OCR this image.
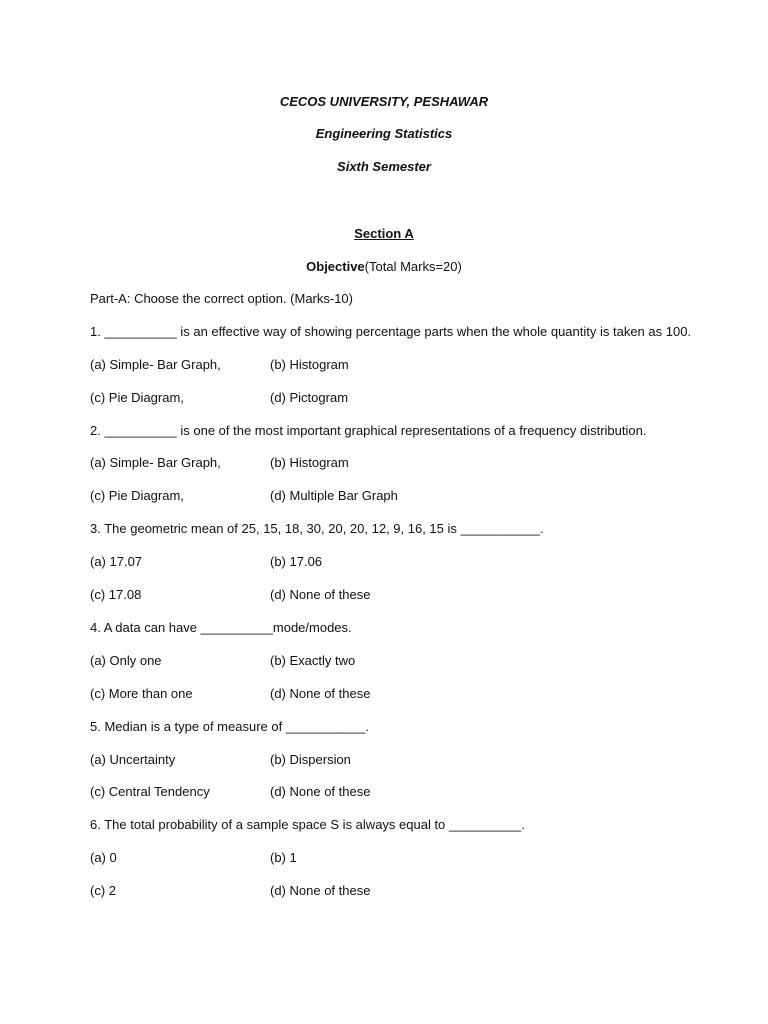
CECOS UNIVERSITY, PESHAWAR
Engineering Statistics
Sixth Semester
Section A
Objective(Total Marks=20)
Part-A: Choose the correct option. (Marks-10)
1. __________ is an effective way of showing percentage parts when the whole quantity is taken as 100.
(a) Simple- Bar Graph,	(b) Histogram
(c) Pie Diagram,	(d) Pictogram
2. __________ is one of the most important graphical representations of a frequency distribution.
(a) Simple- Bar Graph,	(b) Histogram
(c) Pie Diagram,	(d) Multiple Bar Graph
3. The geometric mean of 25, 15, 18, 30, 20, 20, 12, 9, 16, 15 is ___________.
(a) 17.07	(b) 17.06
(c) 17.08	(d) None of these
4. A data can have __________mode/modes.
(a) Only one	(b) Exactly two
(c) More than one	(d) None of these
5. Median is a type of measure of ___________.
(a) Uncertainty	(b) Dispersion
(c) Central Tendency	(d) None of these
6. The total probability of a sample space S is always equal to __________.
(a) 0	(b) 1
(c) 2	(d) None of these
